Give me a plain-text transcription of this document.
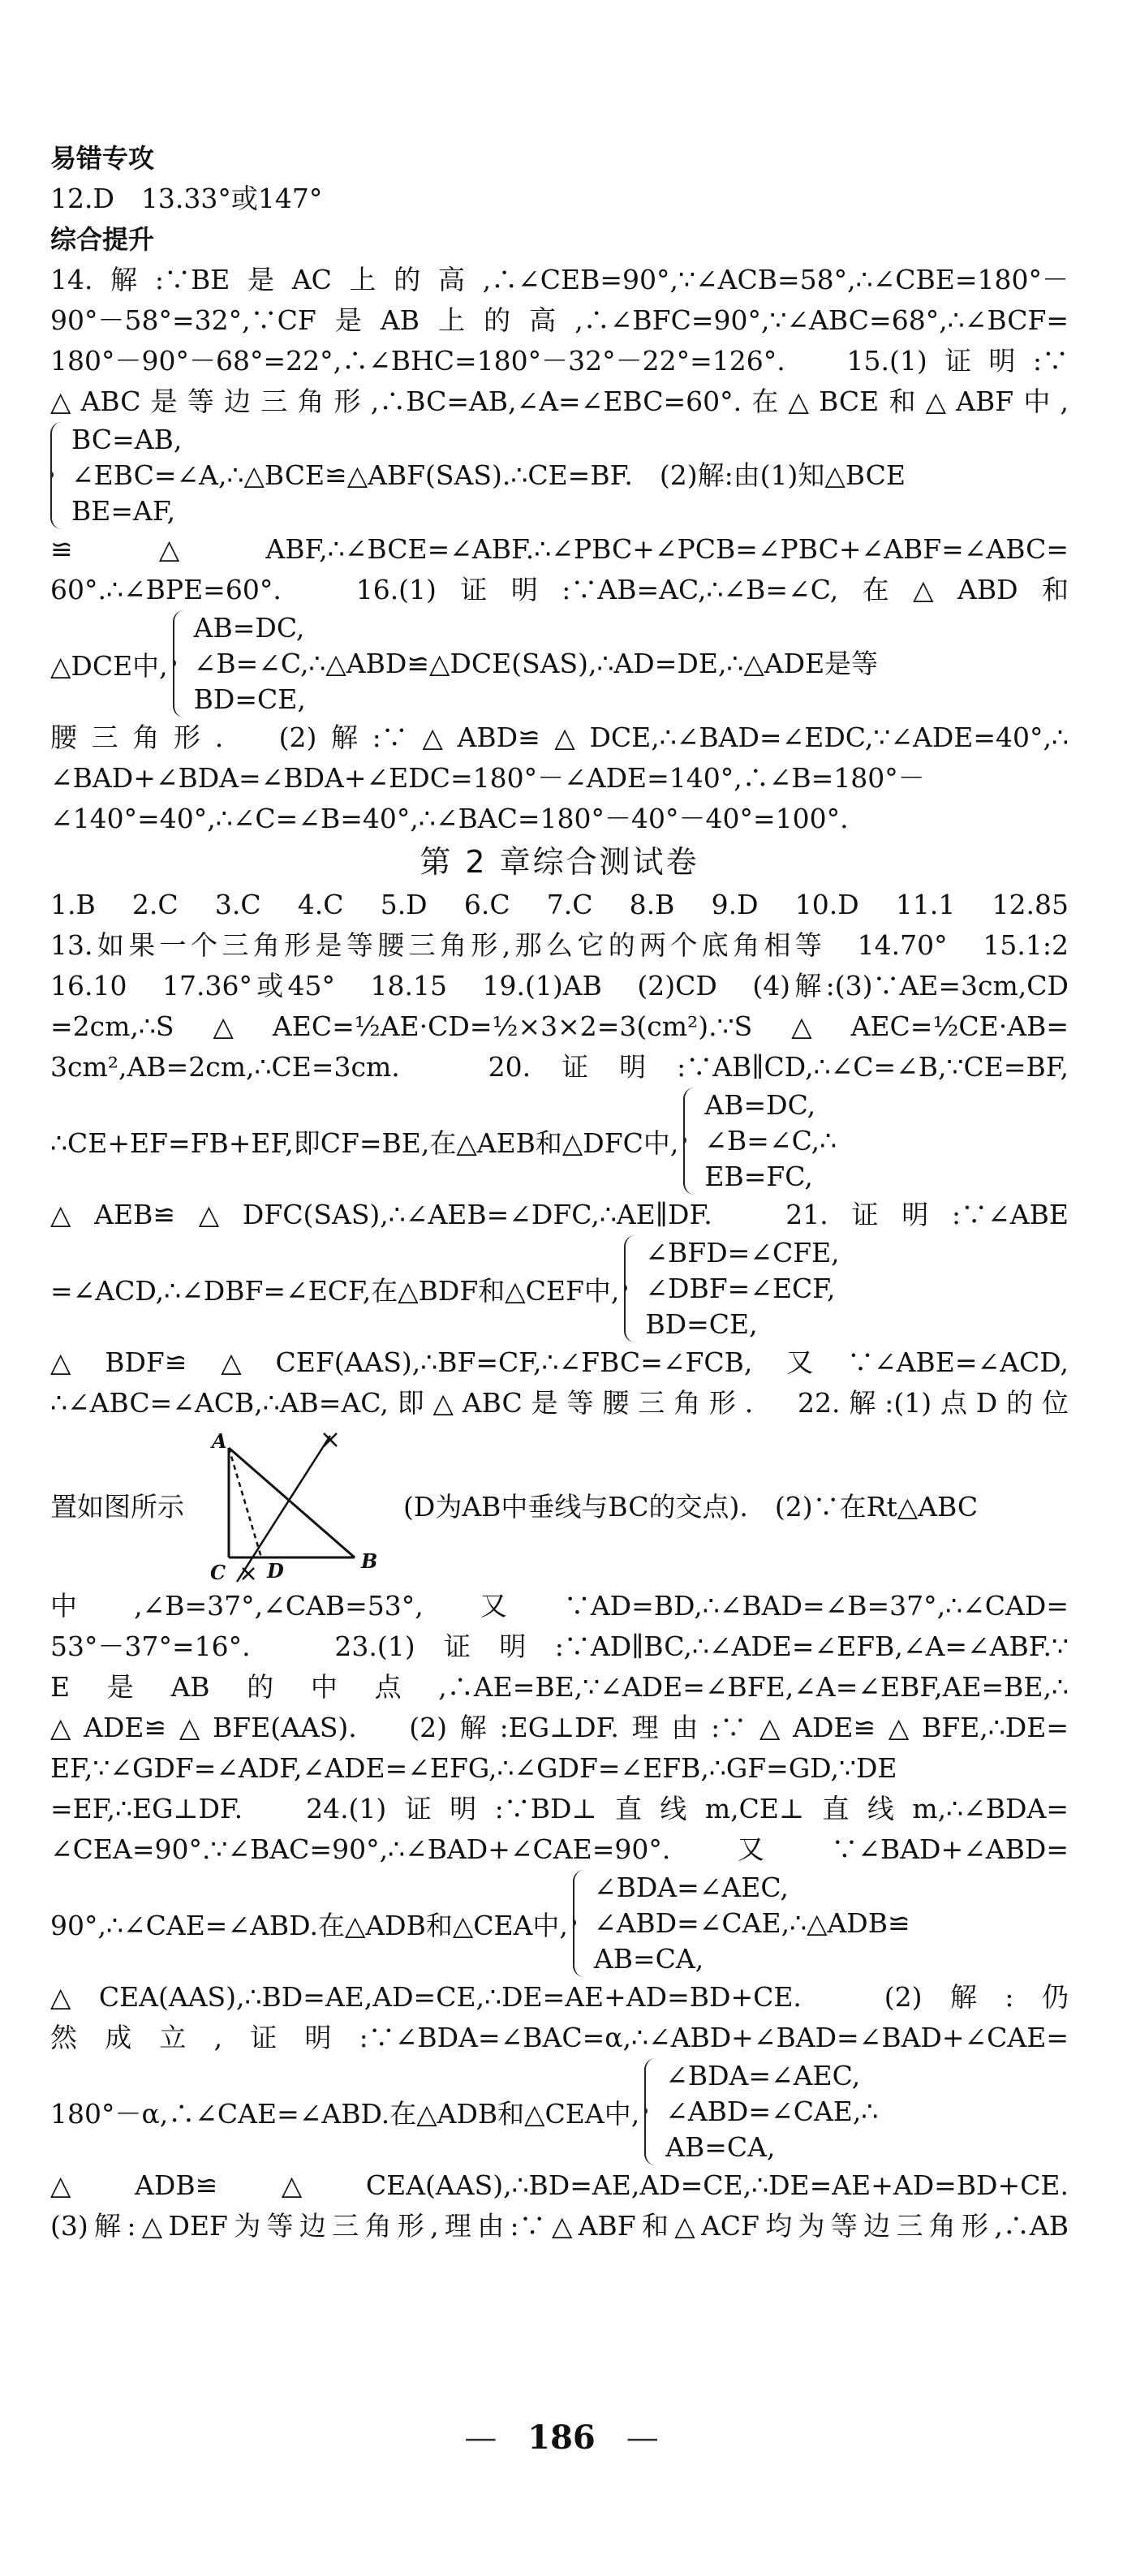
易错专攻
12.D　13.33°或147°
综合提升
14.解:∵BE是AC上的高,∴∠CEB=90°,∵∠ACB=58°,∴∠CBE=180°－
90°－58°=32°,∵CF是AB上的高,∴∠BFC=90°,∵∠ABC=68°,∴∠BCF=
180°－90°－68°=22°,∴∠BHC=180°－32°－22°=126°.　15.(1)证明:∵
△ABC是等边三角形,∴BC=AB,∠A=∠EBC=60°.在△BCE和△ABF中,
BC=AB,
∠EBC=∠A,∴△BCE≌△ABF(SAS).∴CE=BF.　(2)解:由(1)知△BCE
BE=AF,
≌△ABF,∴∠BCE=∠ABF.∴∠PBC+∠PCB=∠PBC+∠ABF=∠ABC=
60°.∴∠BPE=60°.　16.(1)证明:∵AB=AC,∴∠B=∠C,在△ABD和
△DCE中,
AB=DC,
∠B=∠C,∴△ABD≌△DCE(SAS),∴AD=DE,∴△ADE是等
BD=CE,
腰三角形.　(2)解:∵△ABD≌△DCE,∴∠BAD=∠EDC,∵∠ADE=40°,∴
∠BAD+∠BDA=∠BDA+∠EDC=180°－∠ADE=140°,∴∠B=180°－
∠140°=40°,∴∠C=∠B=40°,∴∠BAC=180°－40°－40°=100°.
第 2 章综合测试卷
1.B　2.C　3.C　4.C　5.D　6.C　7.C　8.B　9.D　10.D　11.1　12.85
13.如果一个三角形是等腰三角形,那么它的两个底角相等　14.70°　15.1:2
16.10　17.36°或45°　18.15　19.(1)AB　(2)CD　(4)解:(3)∵AE=3cm,CD
=2cm,∴S△AEC=½AE·CD=½×3×2=3(cm²).∵S△AEC=½CE·AB=
3cm²,AB=2cm,∴CE=3cm.　20.证明:∵AB∥CD,∴∠C=∠B,∵CE=BF,
∴CE+EF=FB+EF,即CF=BE,在△AEB和△DFC中,
AB=DC,
∠B=∠C,∴
EB=FC,
△AEB≌△DFC(SAS),∴∠AEB=∠DFC,∴AE∥DF.　21.证明:∵∠ABE
=∠ACD,∴∠DBF=∠ECF,在△BDF和△CEF中,
∠BFD=∠CFE,
∠DBF=∠ECF,
BD=CE,
△BDF≌△CEF(AAS),∴BF=CF,∴∠FBC=∠FCB,又∵∠ABE=∠ACD,
∴∠ABC=∠ACB,∴AB=AC,即△ABC是等腰三角形.　22.解:(1)点D的位
置如图所示
A
B
C D
(D为AB中垂线与BC的交点).　(2)∵在Rt△ABC
中,∠B=37°,∠CAB=53°,又∵AD=BD,∴∠BAD=∠B=37°,∴∠CAD=
53°－37°=16°.　23.(1)证明:∵AD∥BC,∴∠ADE=∠EFB,∠A=∠ABF.∵
E是AB的中点,∴AE=BE,∵∠ADE=∠BFE,∠A=∠EBF,AE=BE,∴
△ADE≌△BFE(AAS).　(2)解:EG⊥DF.理由:∵△ADE≌△BFE,∴DE=
EF,∵∠GDF=∠ADF,∠ADE=∠EFG,∴∠GDF=∠EFB,∴GF=GD,∵DE
=EF,∴EG⊥DF.　24.(1)证明:∵BD⊥直线m,CE⊥直线m,∴∠BDA=
∠CEA=90°.∵∠BAC=90°,∴∠BAD+∠CAE=90°.又∵∠BAD+∠ABD=
90°,∴∠CAE=∠ABD.在△ADB和△CEA中,
∠BDA=∠AEC,
∠ABD=∠CAE,∴△ADB≌
AB=CA,
△CEA(AAS),∴BD=AE,AD=CE,∴DE=AE+AD=BD+CE.　(2)解:仍
然成立,证明:∵∠BDA=∠BAC=α,∴∠ABD+∠BAD=∠BAD+∠CAE=
180°－α,∴∠CAE=∠ABD.在△ADB和△CEA中,
∠BDA=∠AEC,
∠ABD=∠CAE,∴
AB=CA,
△ADB≌△CEA(AAS),∴BD=AE,AD=CE,∴DE=AE+AD=BD+CE.
(3)解:△DEF为等边三角形,理由:∵△ABF和△ACF均为等边三角形,∴AB
— 186 —
